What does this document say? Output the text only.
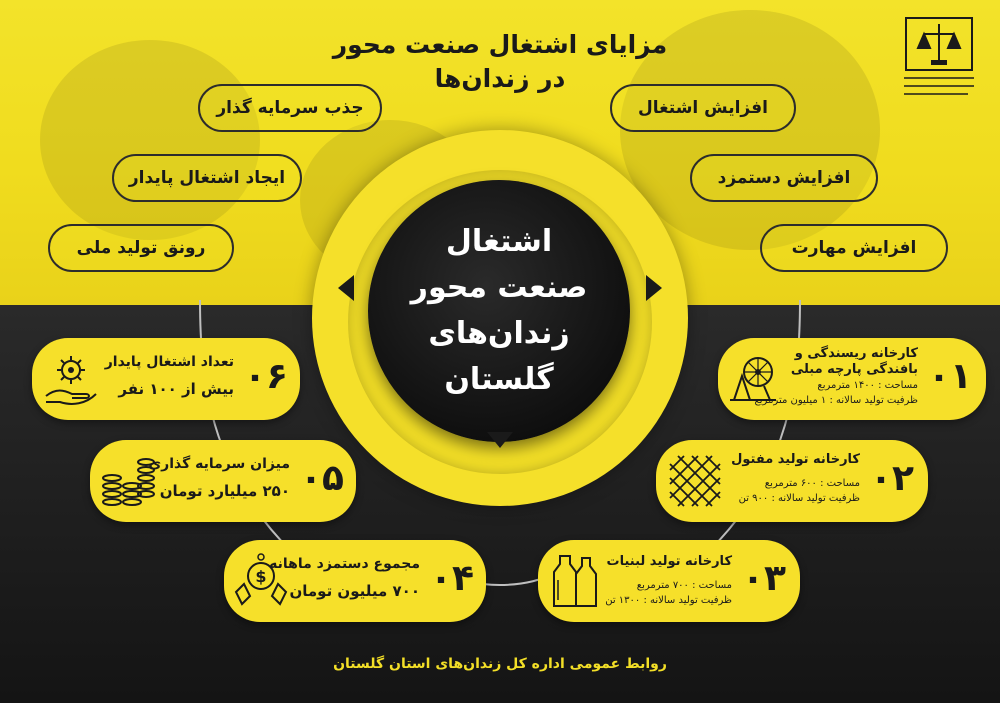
مزایای اشتغال صنعت محور
در زندان‌ها
جذب سرمایه گذار
ایجاد اشتغال پایدار
رونق تولید ملی
افزایش اشتغال
افزایش دستمزد
افزایش مهارت
اشتغال
صنعت محور
زندان‌های
گلستان	۰۱
کارخانه ریسندگی و بافندگی پارچه مبلی
مساحت : ۱۴۰۰ مترمربع
ظرفیت تولید سالانه : ۱ میلیون مترمربع
۰۲
کارخانه تولید مفتول
مساحت : ۶۰۰ مترمربع
ظرفیت تولید سالانه : ۹۰۰ تن
۰۳
کارخانه تولید لبنیات
مساحت : ۷۰۰ مترمربع
ظرفیت تولید سالانه : ۱۳۰۰ تن
۰۶
تعداد اشتغال پایدار
بیش از ۱۰۰ نفر
۰۵
میزان سرمایه گذاری
۲۵۰ میلیارد تومان
۰۴
مجموع دستمزد ماهانه
۷۰۰ میلیون تومان
$
روابط عمومی اداره کل زندان‌های استان گلستان
